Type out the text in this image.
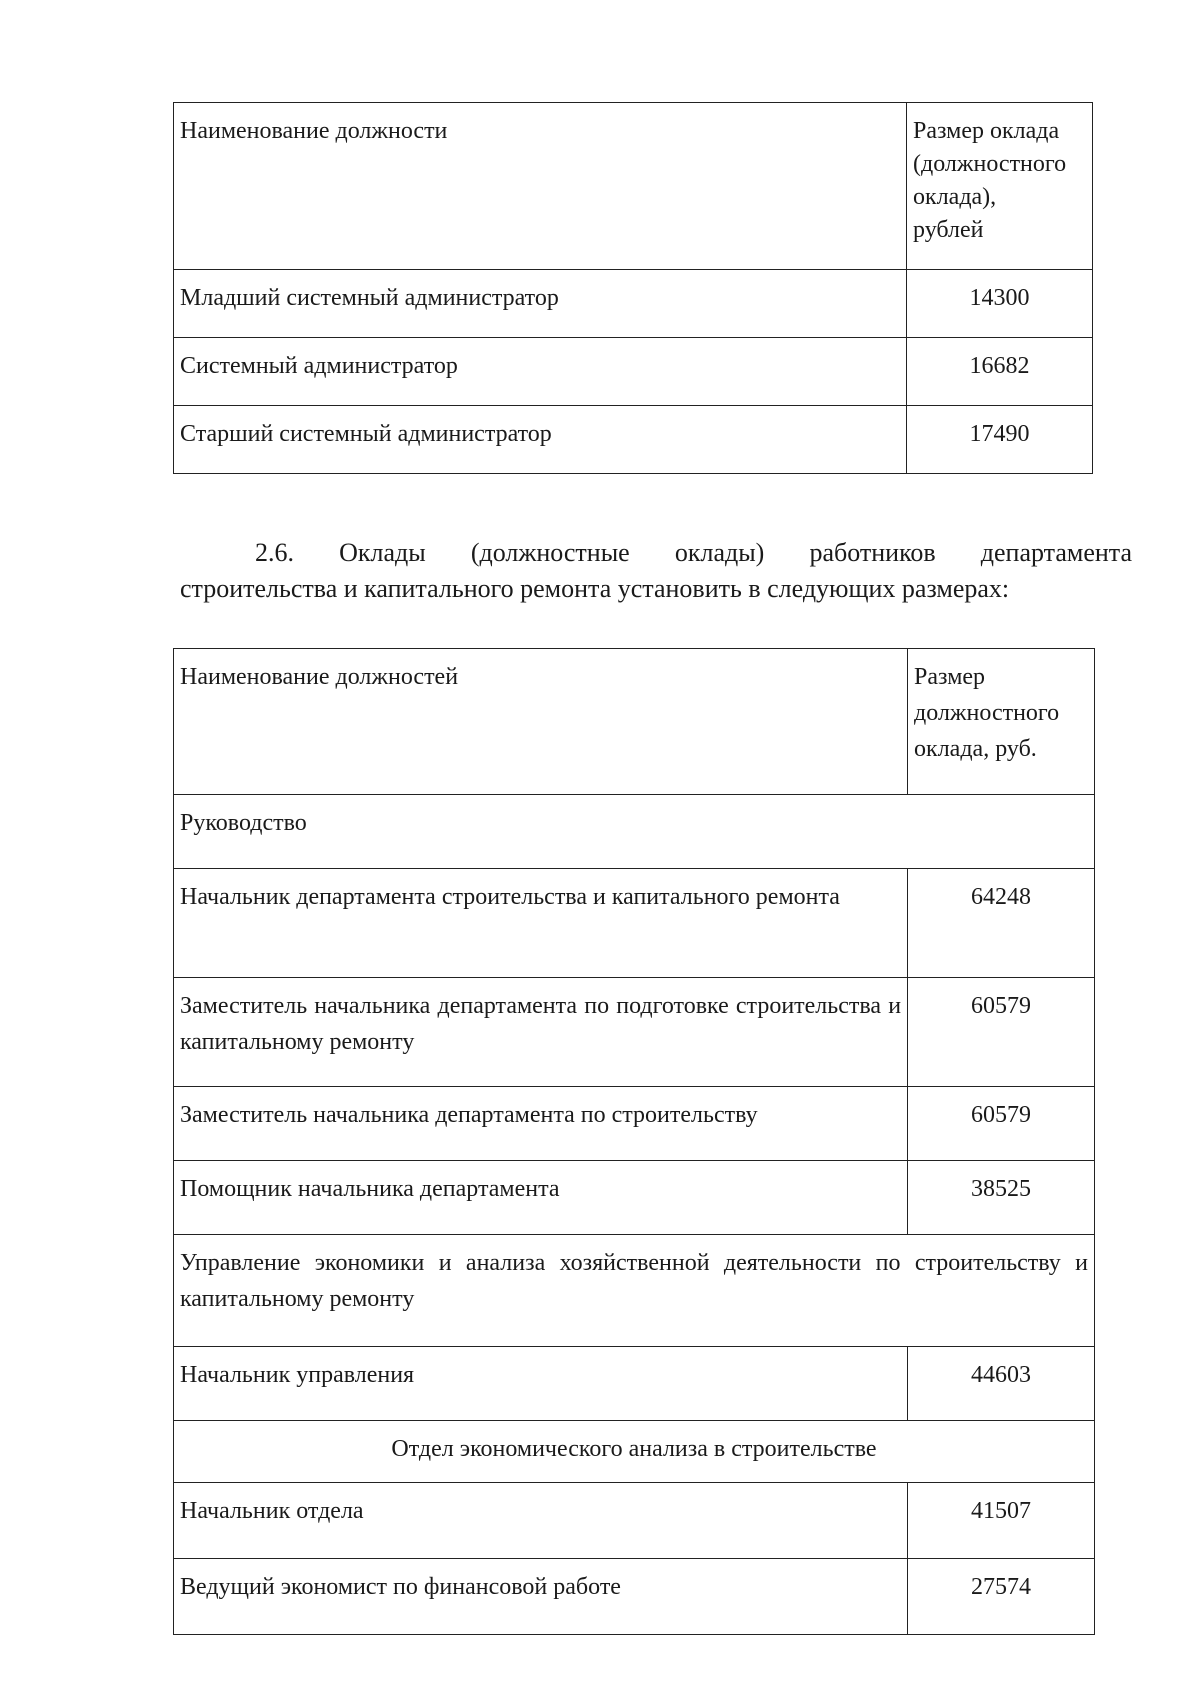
Наименование должности	Размер оклада
(должностного
оклада),
рублей

Младший системный администратор	14300
Системный администратор	16682
Старший системный администратор	17490

2.6. Оклады (должностные оклады) работников департамента
строительства и капитального ремонта установить в следующих размерах:

Наименование должностей	Размер
должностного
оклада, руб.

Руководство	
Начальник департамента строительства и капитального ремонта	64248
Заместитель начальника департамента по подготовке строительства и капитальному ремонту	60579
Заместитель начальника департамента по строительству	60579
Помощник начальника департамента	38525
Управление экономики и анализа хозяйственной деятельности по строительству и капитальному ремонту	
Начальник управления	44603
Отдел экономического анализа в строительстве	
Начальник отдела	41507
Ведущий экономист по финансовой работе	27574
